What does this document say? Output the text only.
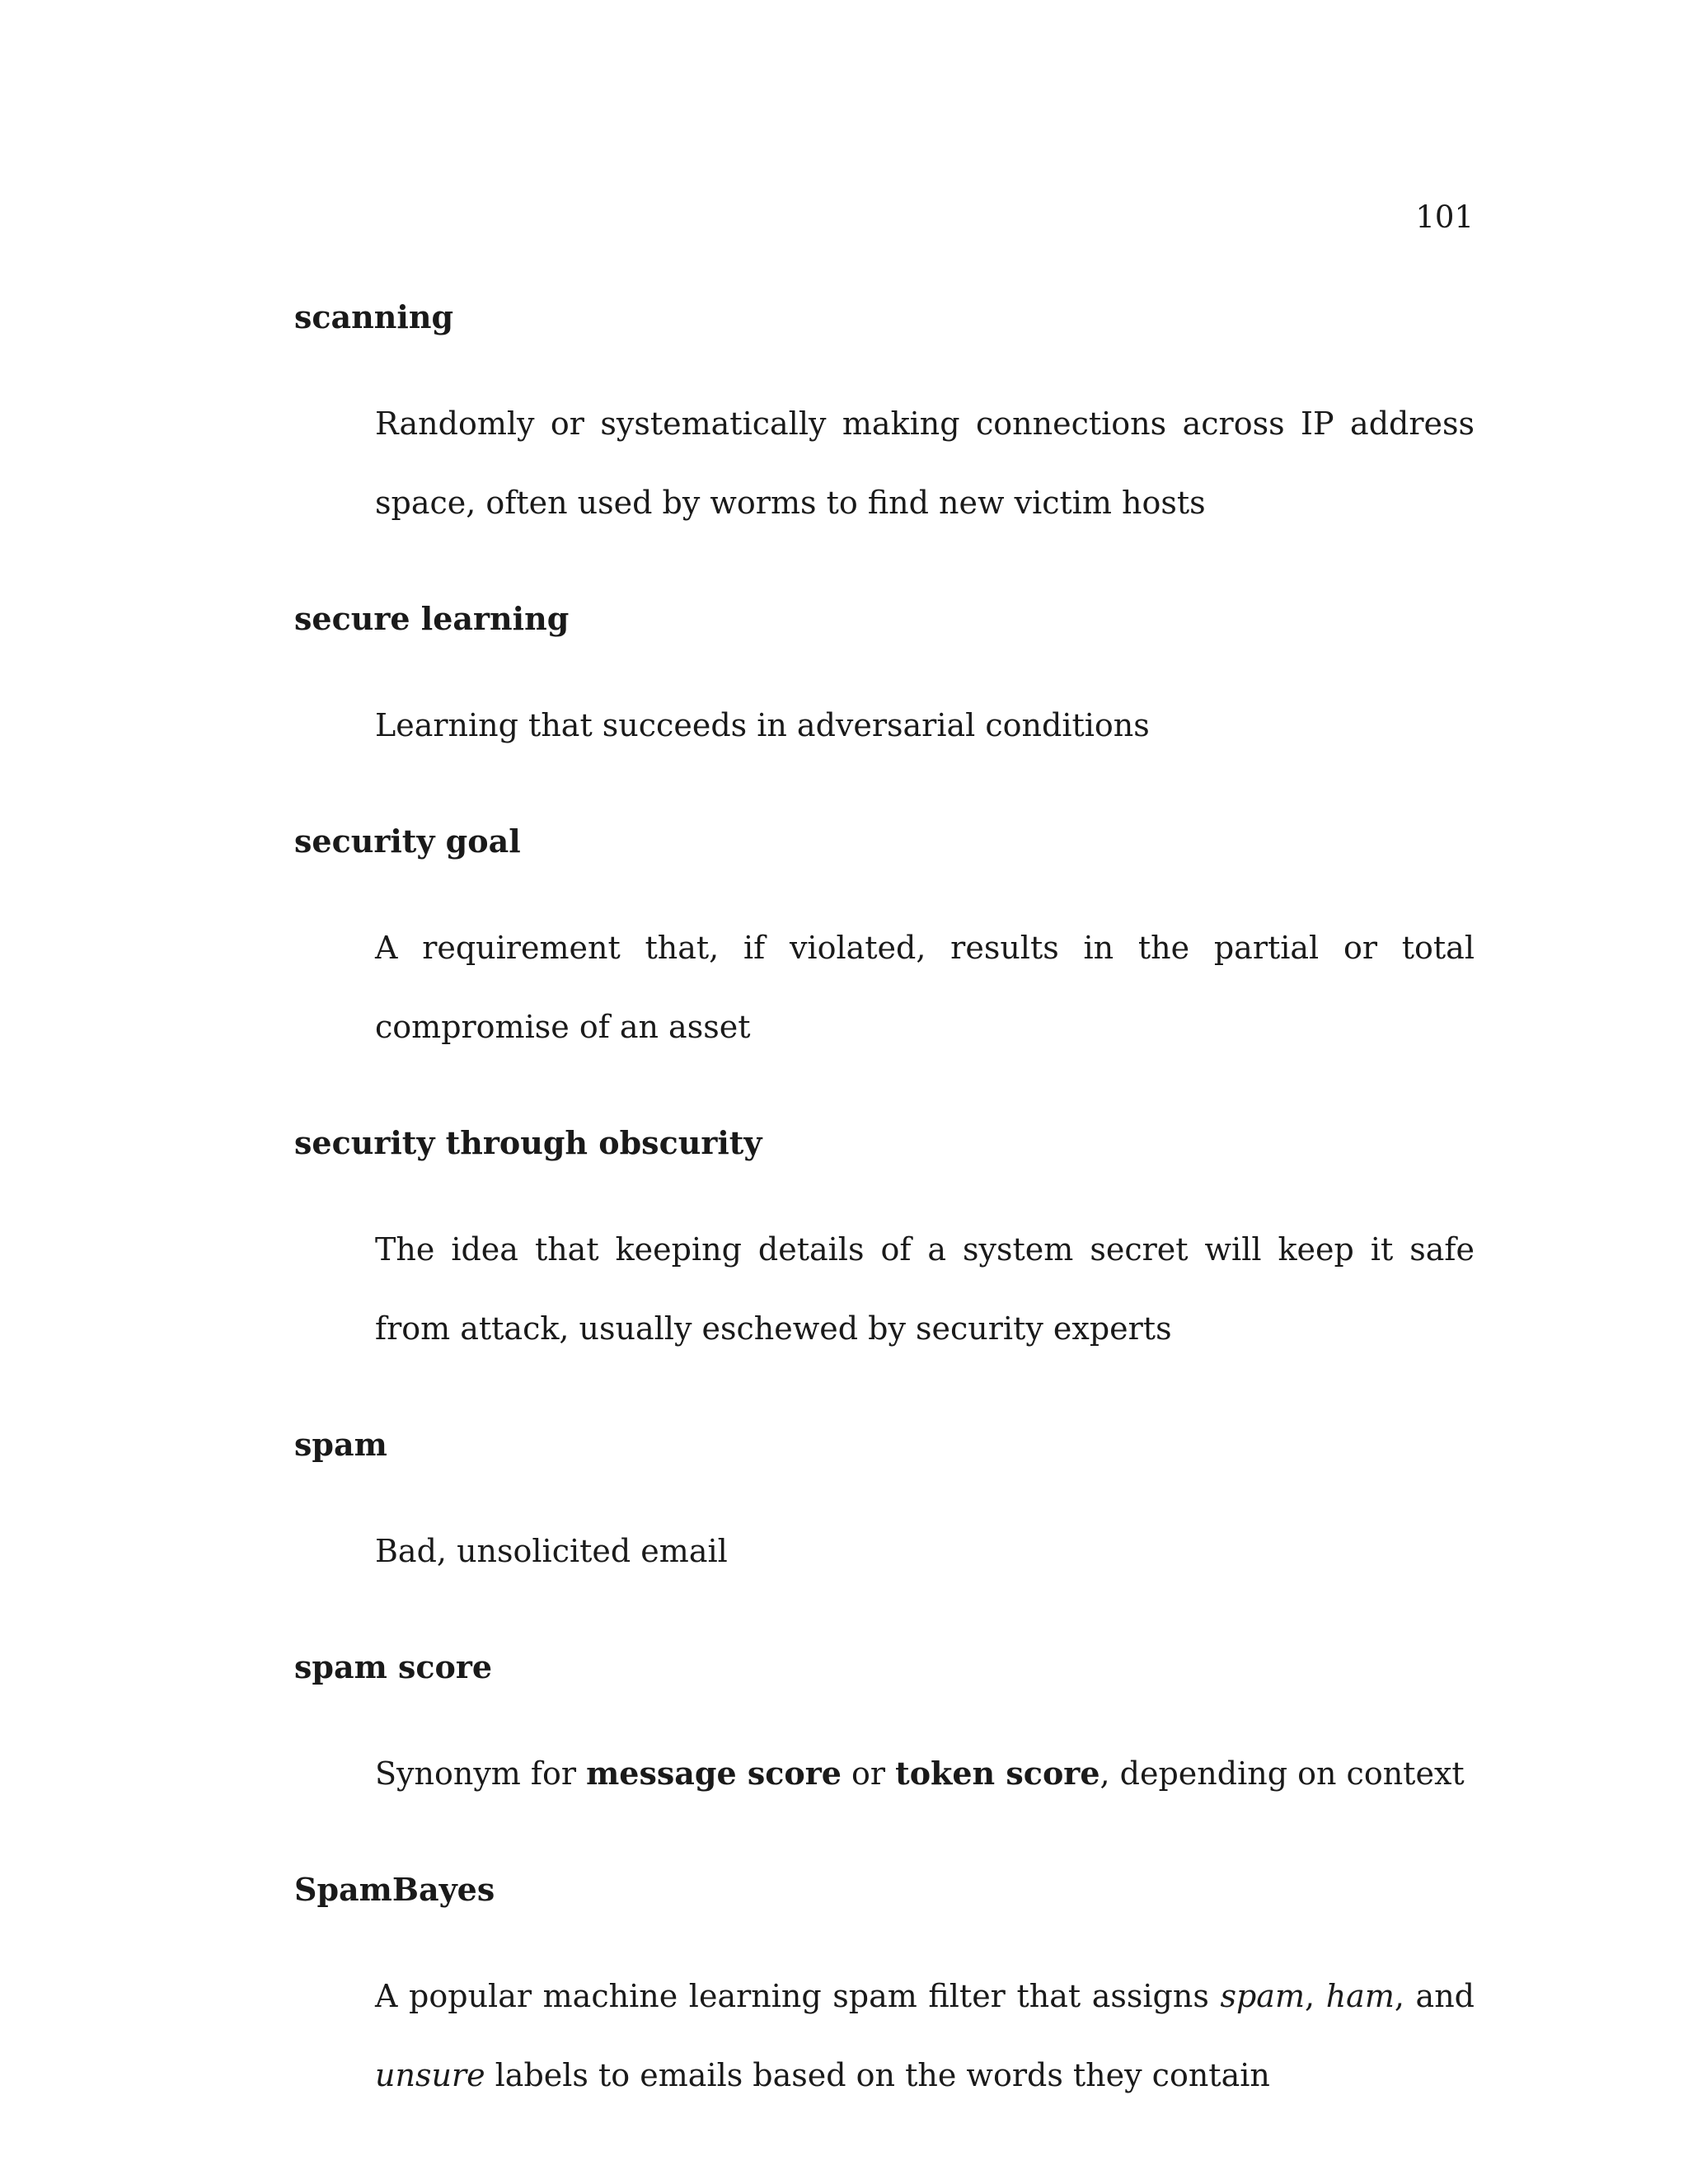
101

scanning

Randomly or systematically making connections across IP address space, often used by worms to find new victim hosts

secure learning

Learning that succeeds in adversarial conditions

security goal

A requirement that, if violated, results in the partial or total compromise of an asset

security through obscurity

The idea that keeping details of a system secret will keep it safe from attack, usually eschewed by security experts

spam

Bad, unsolicited email

spam score

Synonym for message score or token score, depending on context

SpamBayes

A popular machine learning spam filter that assigns spam, ham, and unsure labels to emails based on the words they contain
